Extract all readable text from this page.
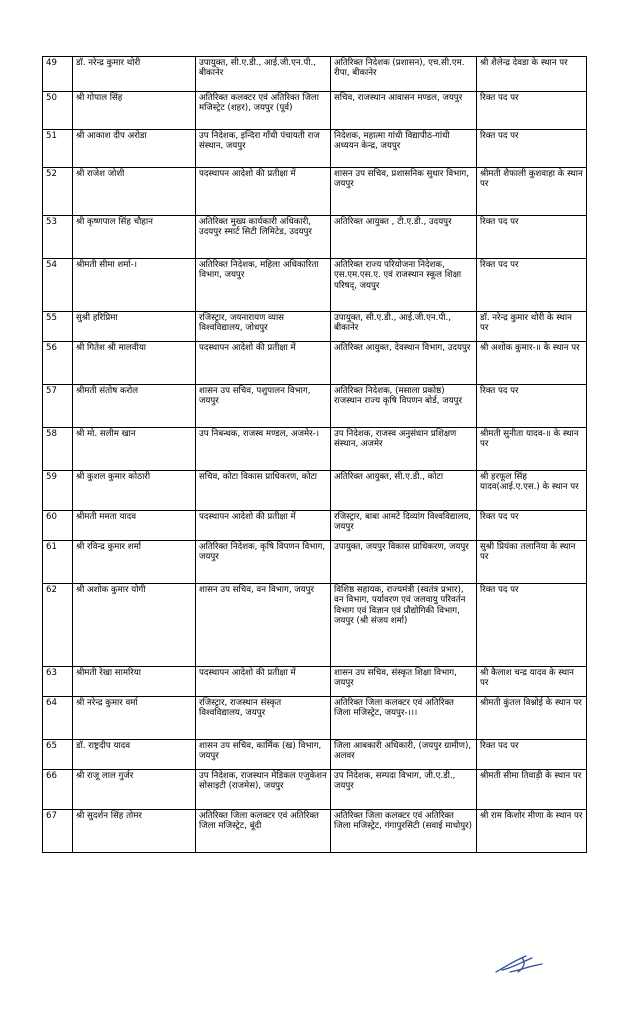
49	डॉ. नरेन्द्र कुमार थोरी	उपायुक्त, सी.ए.डी., आई.जी.एन.पी., बीकानेर	अतिरिक्त निदेशक (प्रशासन), एच.सी.एम. रीपा, बीकानेर	श्री शैलेन्द्र देवडा के स्थान पर
50	श्री गोपाल सिंह	अतिरिक्त कलक्टर एवं अतिरिक्त जिला मजिस्ट्रेट (शहर), जयपुर (पूर्व)	सचिव, राजस्थान आवासन मण्डल, जयपुर	रिक्त पद पर
51	श्री आकाश दीप अरोडा	उप निदेशक, इन्दिरा गाँधी पंचायती राज संस्थान, जयपुर	निदेशक, महात्मा गांधी विद्यापीठ-गांधी अध्ययन केन्द्र, जयपुर	रिक्त पद पर
52	श्री राजेश जोशी	पदस्थापन आदेशो की प्रतीक्षा में	शासन उप सचिव, प्रशासनिक सुधार विभाग, जयपुर	श्रीमती शैफाली कुशवाहा के स्थान पर
53	श्री कृष्णपाल सिंह चौहान	अतिरिक्त मुख्य कार्यकारी अधिकारी, उदयपुर स्मार्ट सिटी लिमिटेड, उदयपुर	अतिरिक्त आयुक्त , टी.ए.डी., उदयपुर	रिक्त पद पर
54	श्रीमती सीमा शर्मा-।	अतिरिक्त निदेशक, महिला अधिकारिता विभाग, जयपुर	अतिरिक्त राज्य परियोजना निदेशक, एस.एम.एस.ए. एवं राजस्थान स्कूल शिक्षा परिषद्, जयपुर	रिक्त पद पर
55	सुश्री हरिप्रिमा	रजिस्ट्रार, जयनारायण व्यास विश्वविद्यालय, जोधपुर	उपायुक्त, सी.ए.डी., आई.जी.एन.पी., बीकानेर	डॉ. नरेन्द्र कुमार थोरी के स्थान पर
56	श्री गितेश श्री मालवीया	पदस्थापन आदेशो की प्रतीक्षा में	अतिरिक्त आयुक्त, देवस्थान विभाग, उदयपुर	श्री अशोक कुमार-॥ के स्थान पर
57	श्रीमती संतोष करोल	शासन उप सचिव, पशुपालन विभाग, जयपुर	अतिरिक्त निदेशक, (मसाला प्रकोष्ठ) राजस्थान राज्य कृषि विपणन बोर्ड, जयपुर	रिक्त पद पर
58	श्री मो. सलीम खान	उप निबन्धक, राजस्व मण्डल, अजमेर-।	उप निदेशक, राजस्व अनुसंधान प्रशिक्षण संस्थान, अजमेर	श्रीमती सुनीता यादव-॥ के स्थान पर
59	श्री कुशल कुमार कोठारी	सचिव, कोटा विकास प्राधिकरण, कोटा	अतिरिक्त आयुक्त, सी.ए.डी., कोटा	श्री हरफूल सिंह यादव(आई.ए.एस.) के स्थान पर
60	श्रीमती ममता यादव	पदस्थापन आदेशो की प्रतीक्षा में	रजिस्ट्रार, बाबा आमटे दिव्यांग विश्वविद्यालय, जयपुर	रिक्त पद पर
61	श्री रविन्द्र कुमार शर्मा	अतिरिक्त निदेशक, कृषि विपणन विभाग, जयपुर	उपायुक्त, जयपुर विकास प्राधिकरण, जयपुर	सुश्री प्रियंका तलानिया के स्थान पर
62	श्री अशोक कुमार योगी	शासन उप सचिव, वन विभाग, जयपुर	विशिष्ठ सहायक, राज्यमंत्री (स्वतंत्र प्रभार), वन विभाग, पर्यावरण एवं जलवायु परिवर्तन विभाग एवं विज्ञान एवं प्रौद्योगिकी विभाग, जयपुर (श्री संजय शर्मा)	रिक्त पद पर
63	श्रीमती रेखा सामरिया	पदस्थापन आदेशो की प्रतीक्षा में	शासन उप सचिव, संस्कृत शिक्षा विभाग, जयपुर	श्री कैलाश चन्द्र यादव के स्थान पर
64	श्री नरेन्द्र कुमार वर्मा	रजिस्ट्रार, राजस्थान संस्कृत विश्वविद्यालय, जयपुर	अतिरिक्त जिला कलक्टर एवं अतिरिक्त जिला मजिस्ट्रेट, जयपुर-।।।	श्रीमती कुंतल विश्नोई के स्थान पर
65	डॉ. राष्ट्रदीप यादव	शासन उप सचिव, कार्मिक (ख) विभाग, जयपुर	जिला आबकारी अधिकारी, (जयपुर ग्रामीण), अलवर	रिक्त पद पर
66	श्री राजू लाल गुर्जर	उप निदेशक, राजस्थान मेडिकल एजुकेशन सोसाइटी (राजमेस), जयपुर	उप निदेशक, सम्पदा विभाग, जी.ए.डी., जयपुर	श्रीमती सीमा तिवाड़ी के स्थान पर
67	श्री सुदर्शन सिंह तोमर	अतिरिक्त जिला कलक्टर एवं अतिरिक्त जिला मजिस्ट्रेट, बूंदी	अतिरिक्त जिला कलक्टर एवं अतिरिक्त जिला मजिस्ट्रेट, गंगापुरसिटी (सवाई माधोपुर)	श्री राम किशोर मीणा के स्थान पर
